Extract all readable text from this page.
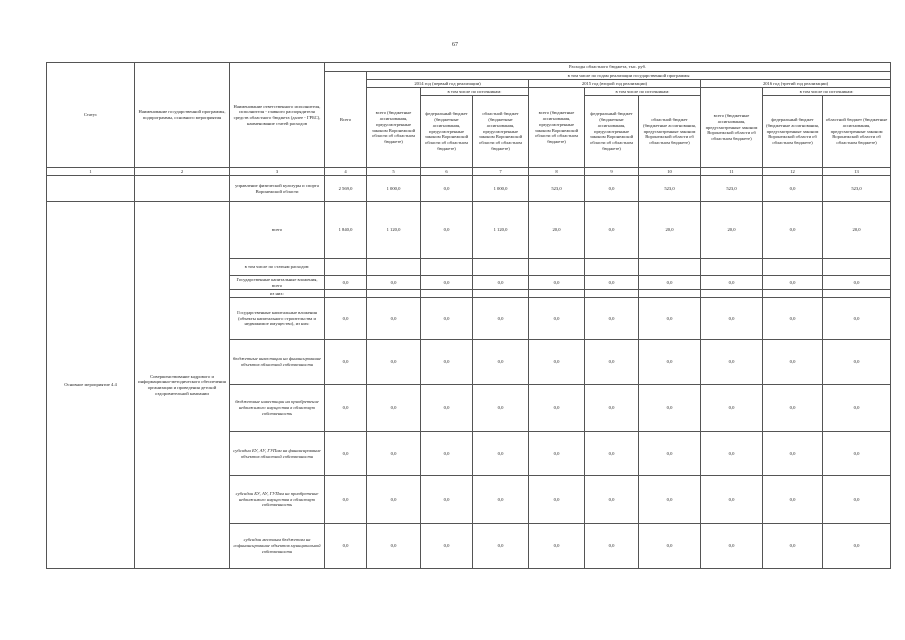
67
Статус	Наименование государственной программы, подпрограммы, основного мероприятия	Наименование ответственного исполнителя, исполнителя - главного распорядителя средств областного бюджета (далее - ГРБС), наименование статей расходов	Расходы областного бюджета, тыс. руб.									
			Всего	в том числе по годам реализации государственной программы								
				2014 год (первый год реализации)			2015 год (второй год реализации)			2016 год (третий год реализации)		
				всего (бюджетные ассигнования, предусмотренные законом Воронежской области об областном бюджете)	в том числе по источникам:		всего (бюджетные ассигнования, предусмотренные законом Воронежской области об областном бюджете)	в том числе по источникам:		всего (бюджетные ассигнования, предусмотренные законом Воронежской области об областном бюджете)	в том числе по источникам:	
					федеральный бюджет (бюджетные ассигнования, предусмотренные законом Воронежской области об областном бюджете)	областной бюджет (бюджетные ассигнования, предусмотренные законом Воронежской области об областном бюджете)		федеральный бюджет (бюджетные ассигнования, предусмотренные законом Воронежской области об областном бюджете)	областной бюджет (бюджетные ассигнования, предусмотренные законом Воронежской области об областном бюджете)		федеральный бюджет (бюджетные ассигнования, предусмотренные законом Воронежской области об областном бюджете)	областной бюджет (бюджетные ассигнования, предусмотренные законом Воронежской области об областном бюджете)

1	2	3	4	5	6	7	8	9	10	11	12	13
		управление физической культуры и спорта Воронежской области	2 569,0	1 000,0	0,0	1 000,0	523,0	0,0	523,0	523,0	0,0	523,0
Основное мероприятие 4.4	Совершенствование кадрового и информационно-методического обеспечения организации и проведения детской оздоровительной кампании	всего	1 840,0	1 120,0	0,0	1 120,0	20,0	0,0	20,0	20,0	0,0	20,0
		в том числе по статьям расходов:										
		Государственные капитальные вложения, всего	0,0	0,0	0,0	0,0	0,0	0,0	0,0	0,0	0,0	0,0
		из них:										
		Государственные капитальные вложения (объекты капитального строительства и недвижимое имущество), из них:	0,0	0,0	0,0	0,0	0,0	0,0	0,0	0,0	0,0	0,0
		бюджетные инвестиции на финансирование объектов областной собственности	0,0	0,0	0,0	0,0	0,0	0,0	0,0	0,0	0,0	0,0
		бюджетные инвестиции на приобретение недвижимого имущества в областную собственность	0,0	0,0	0,0	0,0	0,0	0,0	0,0	0,0	0,0	0,0
		субсидии БУ, АУ, ГУПам на финансирование объектов областной собственности	0,0	0,0	0,0	0,0	0,0	0,0	0,0	0,0	0,0	0,0
		субсидии БУ, АУ, ГУПам на приобретение недвижимого имущества в областную собственность	0,0	0,0	0,0	0,0	0,0	0,0	0,0	0,0	0,0	0,0
		субсидии местным бюджетам на софинансирование объектов муниципальной собственности	0,0	0,0	0,0	0,0	0,0	0,0	0,0	0,0	0,0	0,0
